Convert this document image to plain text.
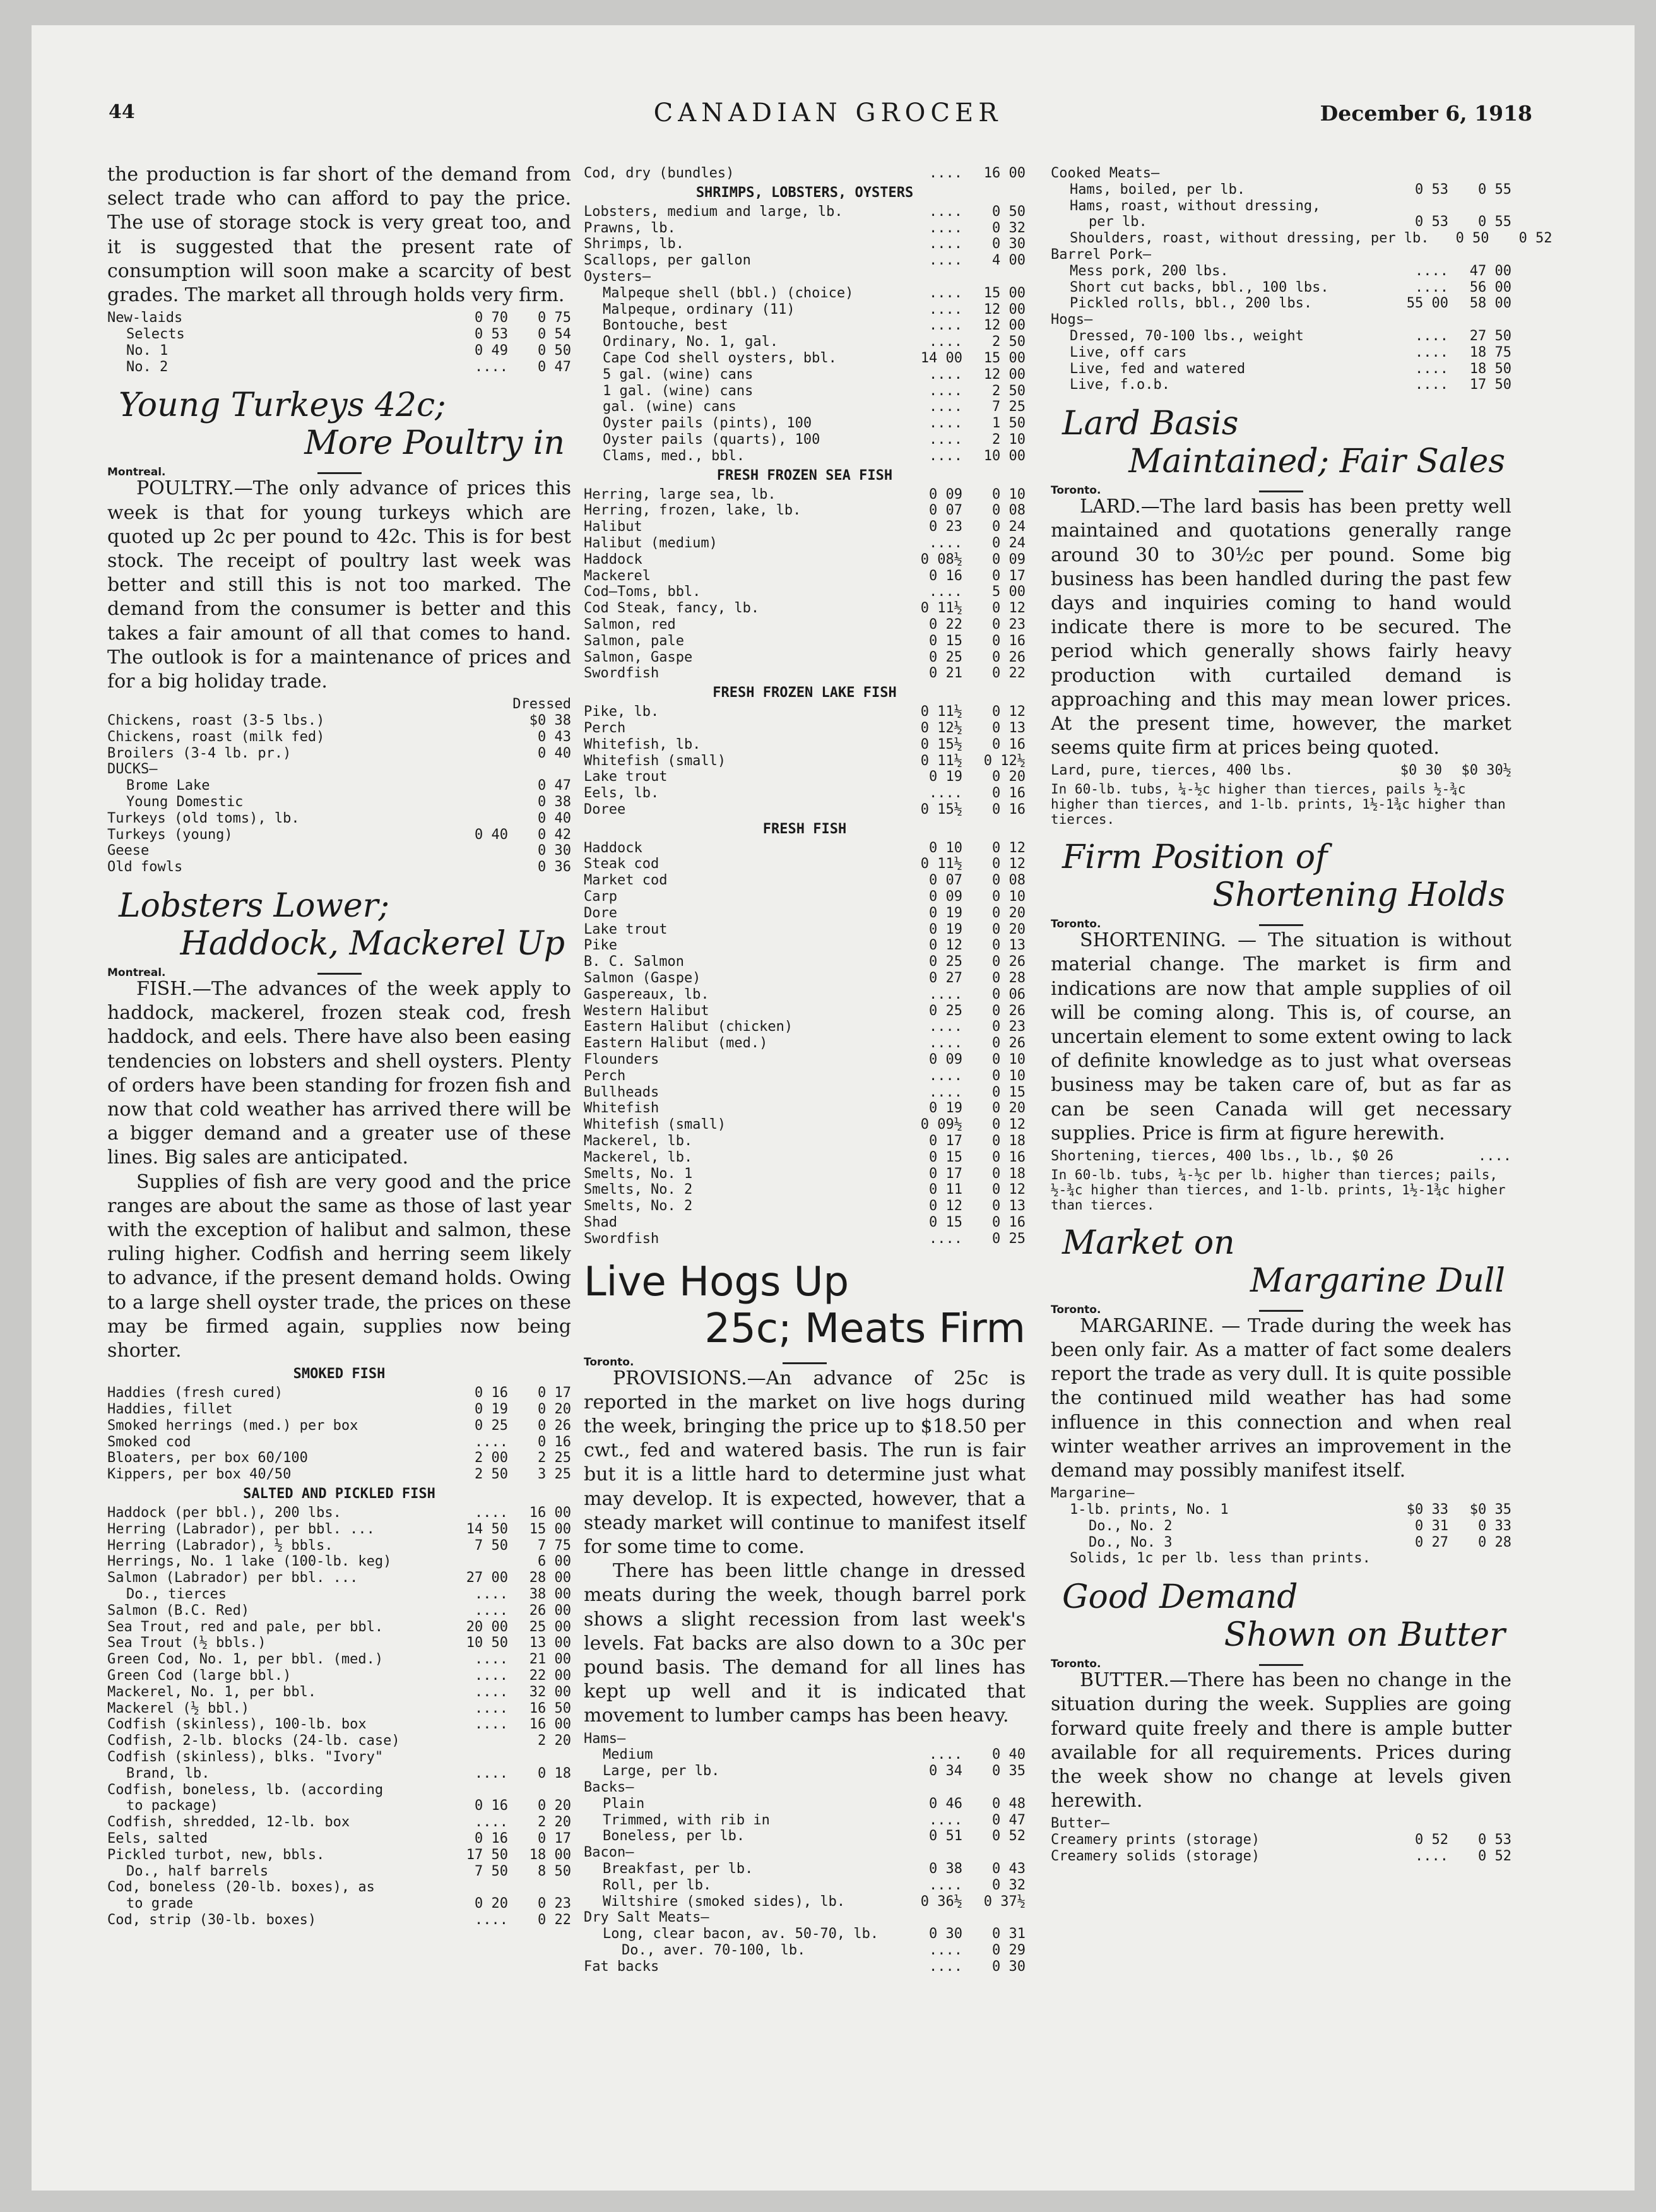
44	CANADIAN GROCER	December 6, 1918

the production is far short of the demand from select trade who can afford to pay the price. The use of storage stock is very great too, and it is suggested that the present rate of consumption will soon make a scarcity of best grades. The market all through holds very firm.

New-laids	0 70	0 75
Selects	0 53	0 54
No. 1	0 49	0 50
No. 2	....	0 47
Young Turkeys 42c;
More Poultry in
Montreal.

POULTRY.—The only advance of prices this week is that for young turkeys which are quoted up 2c per pound to 42c. This is for best stock. The receipt of poultry last week was better and still this is not too marked. The demand from the consumer is better and this takes a fair amount of all that comes to hand. The outlook is for a maintenance of prices and for a big holiday trade.

Dressed
Chickens, roast (3-5 lbs.)	$0 38
Chickens, roast (milk fed)	0 43
Broilers (3-4 lb. pr.)	0 40
DUCKS—
Brome Lake	0 47
Young Domestic	0 38
Turkeys (old toms), lb.	0 40
Turkeys (young)	0 40	0 42
Geese	0 30
Old fowls	0 36
Lobsters Lower;
Haddock, Mackerel Up
Montreal.

FISH.—The advances of the week apply to haddock, mackerel, frozen steak cod, fresh haddock, and eels. There have also been easing tendencies on lobsters and shell oysters. Plenty of orders have been standing for frozen fish and now that cold weather has arrived there will be a bigger demand and a greater use of these lines. Big sales are anticipated.

Supplies of fish are very good and the price ranges are about the same as those of last year with the exception of halibut and salmon, these ruling higher. Codfish and herring seem likely to advance, if the present demand holds. Owing to a large shell oyster trade, the prices on these may be firmed again, supplies now being shorter.

SMOKED FISH
Haddies (fresh cured)	0 16	0 17
Haddies, fillet	0 19	0 20
Smoked herrings (med.) per box	0 25	0 26
Smoked cod	....	0 16
Bloaters, per box 60/100	2 00	2 25
Kippers, per box 40/50	2 50	3 25
SALTED AND PICKLED FISH
Haddock (per bbl.), 200 lbs.	....	16 00
Herring (Labrador), per bbl. ...	14 50	15 00
Herring (Labrador), ½ bbls.	7 50	7 75
Herrings, No. 1 lake (100-lb. keg)	6 00
Salmon (Labrador) per bbl. ...	27 00	28 00
Do., tierces	....	38 00
Salmon (B.C. Red)	....	26 00
Sea Trout, red and pale, per bbl.	20 00	25 00
Sea Trout (½ bbls.)	10 50	13 00
Green Cod, No. 1, per bbl. (med.)	....	21 00
Green Cod (large bbl.)	....	22 00
Mackerel, No. 1, per bbl.	....	32 00
Mackerel (½ bbl.)	....	16 50
Codfish (skinless), 100-lb. box	....	16 00
Codfish, 2-lb. blocks (24-lb. case)	2 20
Codfish (skinless), blks. "Ivory"
Brand, lb.	....	0 18
Codfish, boneless, lb. (according
to package)	0 16	0 20
Codfish, shredded, 12-lb. box	....	2 20
Eels, salted	0 16	0 17
Pickled turbot, new, bbls.	17 50	18 00
Do., half barrels	7 50	8 50
Cod, boneless (20-lb. boxes), as
to grade	0 20	0 23
Cod, strip (30-lb. boxes)	....	0 22
Cod, dry (bundles)	....	16 00
SHRIMPS, LOBSTERS, OYSTERS
Lobsters, medium and large, lb.	....	0 50
Prawns, lb.	....	0 32
Shrimps, lb.	....	0 30
Scallops, per gallon	....	4 00
Oysters—
Malpeque shell (bbl.) (choice)	....	15 00
Malpeque, ordinary (11)	....	12 00
Bontouche, best	....	12 00
Ordinary, No. 1, gal.	....	2 50
Cape Cod shell oysters, bbl.	14 00	15 00
5 gal. (wine) cans	....	12 00
1 gal. (wine) cans	....	2 50
gal. (wine) cans	....	7 25
Oyster pails (pints), 100	....	1 50
Oyster pails (quarts), 100	....	2 10
Clams, med., bbl.	....	10 00
FRESH FROZEN SEA FISH
Herring, large sea, lb.	0 09	0 10
Herring, frozen, lake, lb.	0 07	0 08
Halibut	0 23	0 24
Halibut (medium)	....	0 24
Haddock	0 08½	0 09
Mackerel	0 16	0 17
Cod—Toms, bbl.	....	5 00
Cod Steak, fancy, lb.	0 11½	0 12
Salmon, red	0 22	0 23
Salmon, pale	0 15	0 16
Salmon, Gaspe	0 25	0 26
Swordfish	0 21	0 22
FRESH FROZEN LAKE FISH
Pike, lb.	0 11½	0 12
Perch	0 12½	0 13
Whitefish, lb.	0 15½	0 16
Whitefish (small)	0 11½	0 12½
Lake trout	0 19	0 20
Eels, lb.	....	0 16
Doree	0 15½	0 16
FRESH FISH
Haddock	0 10	0 12
Steak cod	0 11½	0 12
Market cod	0 07	0 08
Carp	0 09	0 10
Dore	0 19	0 20
Lake trout	0 19	0 20
Pike	0 12	0 13
B. C. Salmon	0 25	0 26
Salmon (Gaspe)	0 27	0 28
Gaspereaux, lb.	....	0 06
Western Halibut	0 25	0 26
Eastern Halibut (chicken)	....	0 23
Eastern Halibut (med.)	....	0 26
Flounders	0 09	0 10
Perch	....	0 10
Bullheads	....	0 15
Whitefish	0 19	0 20
Whitefish (small)	0 09½	0 12
Mackerel, lb.	0 17	0 18
Mackerel, lb.	0 15	0 16
Smelts, No. 1	0 17	0 18
Smelts, No. 2	0 11	0 12
Smelts, No. 2	0 12	0 13
Shad	0 15	0 16
Swordfish	....	0 25
Live Hogs Up
25c; Meats Firm
Toronto.

PROVISIONS.—An advance of 25c is reported in the market on live hogs during the week, bringing the price up to $18.50 per cwt., fed and watered basis. The run is fair but it is a little hard to determine just what may develop. It is expected, however, that a steady market will continue to manifest itself for some time to come.

There has been little change in dressed meats during the week, though barrel pork shows a slight recession from last week's levels. Fat backs are also down to a 30c per pound basis. The demand for all lines has kept up well and it is indicated that movement to lumber camps has been heavy.

Hams—
Medium	....	0 40
Large, per lb.	0 34	0 35
Backs—
Plain	0 46	0 48
Trimmed, with rib in	....	0 47
Boneless, per lb.	0 51	0 52
Bacon—
Breakfast, per lb.	0 38	0 43
Roll, per lb.	....	0 32
Wiltshire (smoked sides), lb.	0 36½	0 37½
Dry Salt Meats—
Long, clear bacon, av. 50-70, lb.	0 30	0 31
Do., aver. 70-100, lb.	....	0 29
Fat backs	....	0 30
Cooked Meats—
Hams, boiled, per lb.	0 53	0 55
Hams, roast, without dressing,
per lb.	0 53	0 55
Shoulders, roast, without dressing, per lb.	0 50	0 52
Barrel Pork—
Mess pork, 200 lbs.	....	47 00
Short cut backs, bbl., 100 lbs.	....	56 00
Pickled rolls, bbl., 200 lbs.	55 00	58 00
Hogs—
Dressed, 70-100 lbs., weight	....	27 50
Live, off cars	....	18 75
Live, fed and watered	....	18 50
Live, f.o.b.	....	17 50
Lard Basis
Maintained; Fair Sales
Toronto.

LARD.—The lard basis has been pretty well maintained and quotations generally range around 30 to 30½c per pound. Some big business has been handled during the past few days and inquiries coming to hand would indicate there is more to be secured. The period which generally shows fairly heavy production with curtailed demand is approaching and this may mean lower prices. At the present time, however, the market seems quite firm at prices being quoted.

Lard, pure, tierces, 400 lbs.	$0 30	$0 30½
In 60-lb. tubs, ¼-½c higher than tierces, pails ½-¾c higher than tierces, and 1-lb. prints, 1½-1¾c higher than tierces.
Firm Position of
Shortening Holds
Toronto.

SHORTENING. — The situation is without material change. The market is firm and indications are now that ample supplies of oil will be coming along. This is, of course, an uncertain element to some extent owing to lack of definite knowledge as to just what overseas business may be taken care of, but as far as can be seen Canada will get necessary supplies. Price is firm at figure herewith.

Shortening, tierces, 400 lbs., lb., $0 26	....
In 60-lb. tubs, ¼-½c per lb. higher than tierces; pails, ½-¾c higher than tierces, and 1-lb. prints, 1½-1¾c higher than tierces.
Market on
Margarine Dull
Toronto.

MARGARINE. — Trade during the week has been only fair. As a matter of fact some dealers report the trade as very dull. It is quite possible the continued mild weather has had some influence in this connection and when real winter weather arrives an improvement in the demand may possibly manifest itself.

Margarine—
1-lb. prints, No. 1	$0 33	$0 35
Do., No. 2	0 31	0 33
Do., No. 3	0 27	0 28
Solids, 1c per lb. less than prints.
Good Demand
Shown on Butter
Toronto.

BUTTER.—There has been no change in the situation during the week. Supplies are going forward quite freely and there is ample butter available for all requirements. Prices during the week show no change at levels given herewith.

Butter—
Creamery prints (storage)	0 52	0 53
Creamery solids (storage)	....	0 52
